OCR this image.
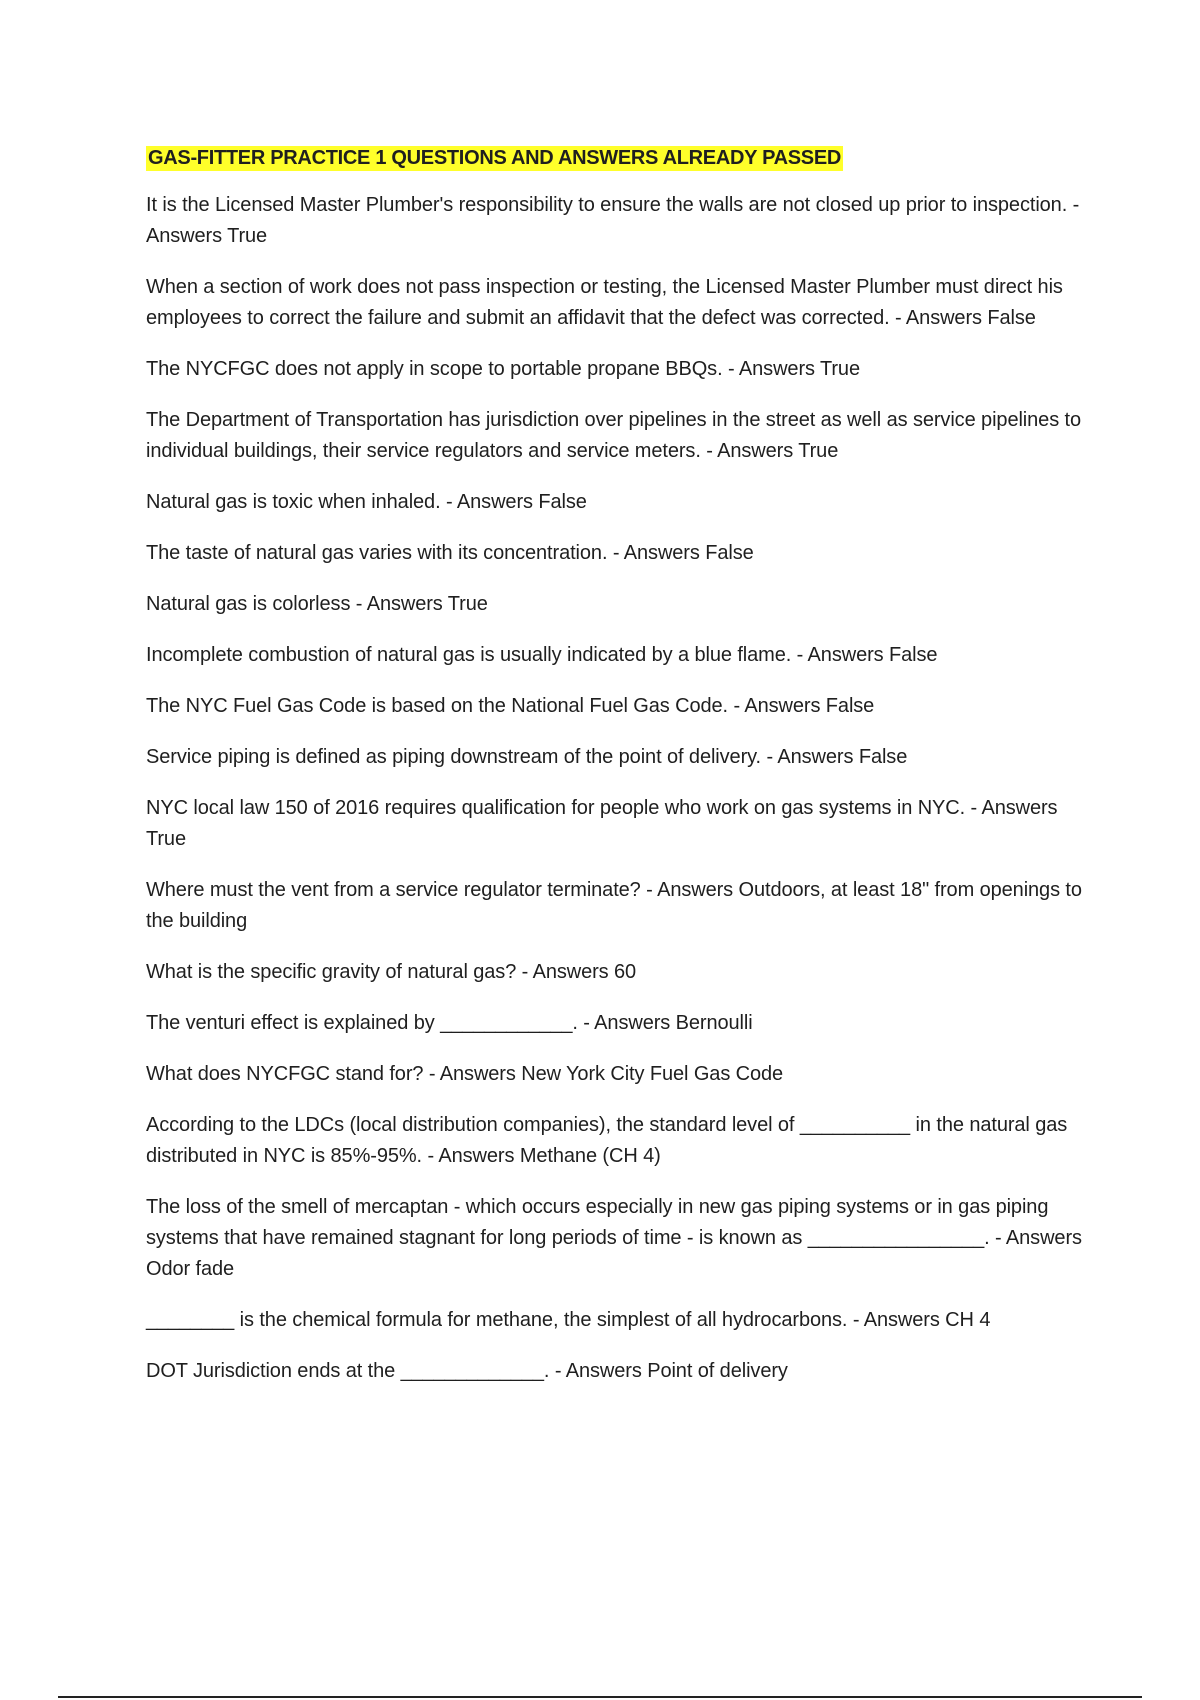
GAS-FITTER PRACTICE 1 QUESTIONS AND ANSWERS ALREADY PASSED

It is the Licensed Master Plumber's responsibility to ensure the walls are not closed up prior to inspection. - Answers True

When a section of work does not pass inspection or testing, the Licensed Master Plumber must direct his employees to correct the failure and submit an affidavit that the defect was corrected. - Answers False

The NYCFGC does not apply in scope to portable propane BBQs. - Answers True

The Department of Transportation has jurisdiction over pipelines in the street as well as service pipelines to individual buildings, their service regulators and service meters. - Answers True

Natural gas is toxic when inhaled. - Answers False

The taste of natural gas varies with its concentration. - Answers False

Natural gas is colorless - Answers True

Incomplete combustion of natural gas is usually indicated by a blue flame. - Answers False

The NYC Fuel Gas Code is based on the National Fuel Gas Code. - Answers False

Service piping is defined as piping downstream of the point of delivery. - Answers False

NYC local law 150 of 2016 requires qualification for people who work on gas systems in NYC. - Answers True

Where must the vent from a service regulator terminate? - Answers Outdoors, at least 18" from openings to the building

What is the specific gravity of natural gas? - Answers 60

The venturi effect is explained by ____________. - Answers Bernoulli

What does NYCFGC stand for? - Answers New York City Fuel Gas Code

According to the LDCs (local distribution companies), the standard level of __________ in the natural gas distributed in NYC is 85%-95%. - Answers Methane (CH 4)

The loss of the smell of mercaptan - which occurs especially in new gas piping systems or in gas piping systems that have remained stagnant for long periods of time - is known as ________________. - Answers Odor fade

________ is the chemical formula for methane, the simplest of all hydrocarbons. - Answers CH 4

DOT Jurisdiction ends at the _____________. - Answers Point of delivery
